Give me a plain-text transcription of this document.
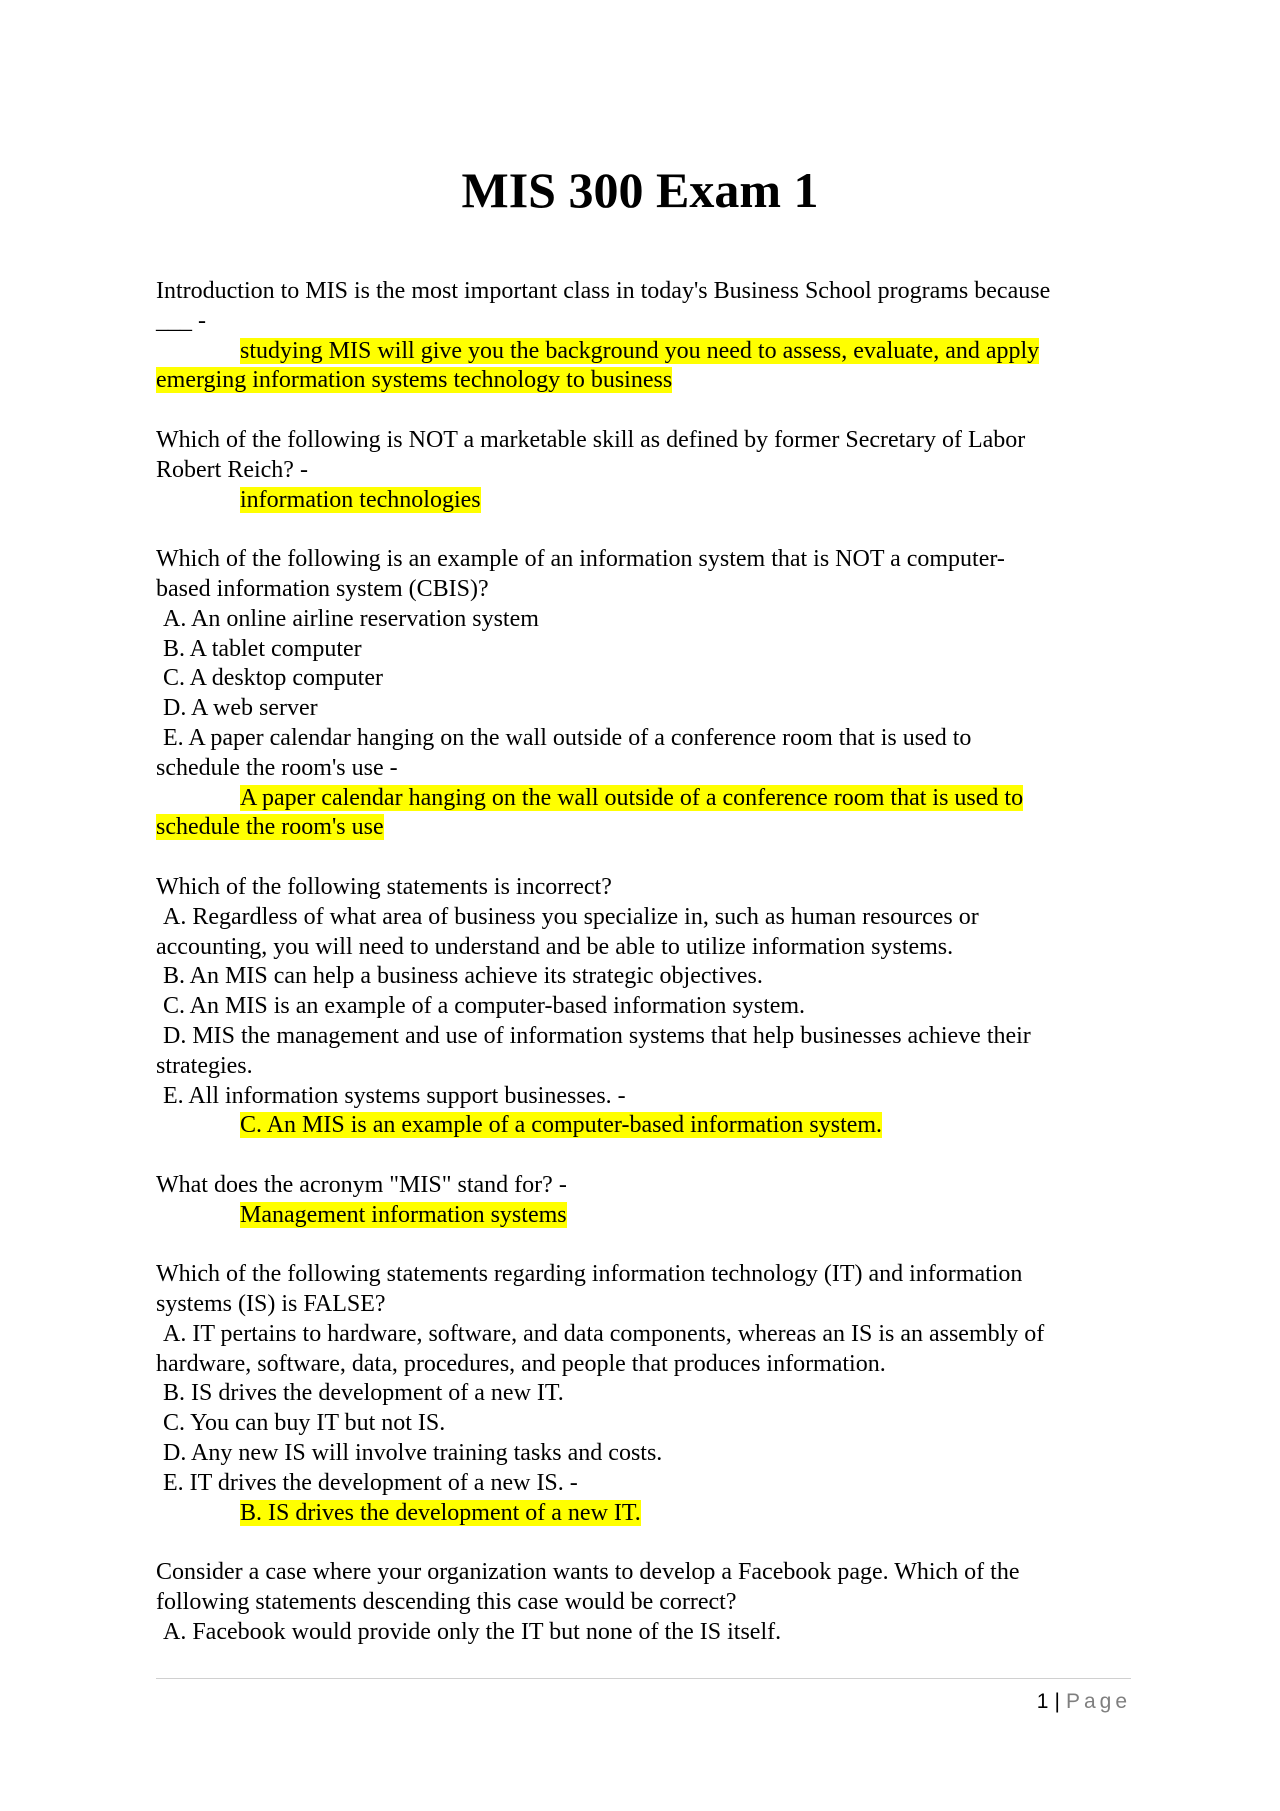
MIS 300 Exam 1
Introduction to MIS is the most important class in today's Business School programs because
___ -
studying MIS will give you the background you need to assess, evaluate, and apply
emerging information systems technology to business
Which of the following is NOT a marketable skill as defined by former Secretary of Labor
Robert Reich? -
information technologies
Which of the following is an example of an information system that is NOT a computer-
based information system (CBIS)?
A. An online airline reservation system
B. A tablet computer
C. A desktop computer
D. A web server
E. A paper calendar hanging on the wall outside of a conference room that is used to
schedule the room's use -
A paper calendar hanging on the wall outside of a conference room that is used to
schedule the room's use
Which of the following statements is incorrect?
A. Regardless of what area of business you specialize in, such as human resources or
accounting, you will need to understand and be able to utilize information systems.
B. An MIS can help a business achieve its strategic objectives.
C. An MIS is an example of a computer-based information system.
D. MIS the management and use of information systems that help businesses achieve their
strategies.
E. All information systems support businesses. -
C. An MIS is an example of a computer-based information system.
What does the acronym "MIS" stand for? -
Management information systems
Which of the following statements regarding information technology (IT) and information
systems (IS) is FALSE?
A. IT pertains to hardware, software, and data components, whereas an IS is an assembly of
hardware, software, data, procedures, and people that produces information.
B. IS drives the development of a new IT.
C. You can buy IT but not IS.
D. Any new IS will involve training tasks and costs.
E. IT drives the development of a new IS. -
B. IS drives the development of a new IT.
Consider a case where your organization wants to develop a Facebook page. Which of the
following statements descending this case would be correct?
A. Facebook would provide only the IT but none of the IS itself.
1 | Page
